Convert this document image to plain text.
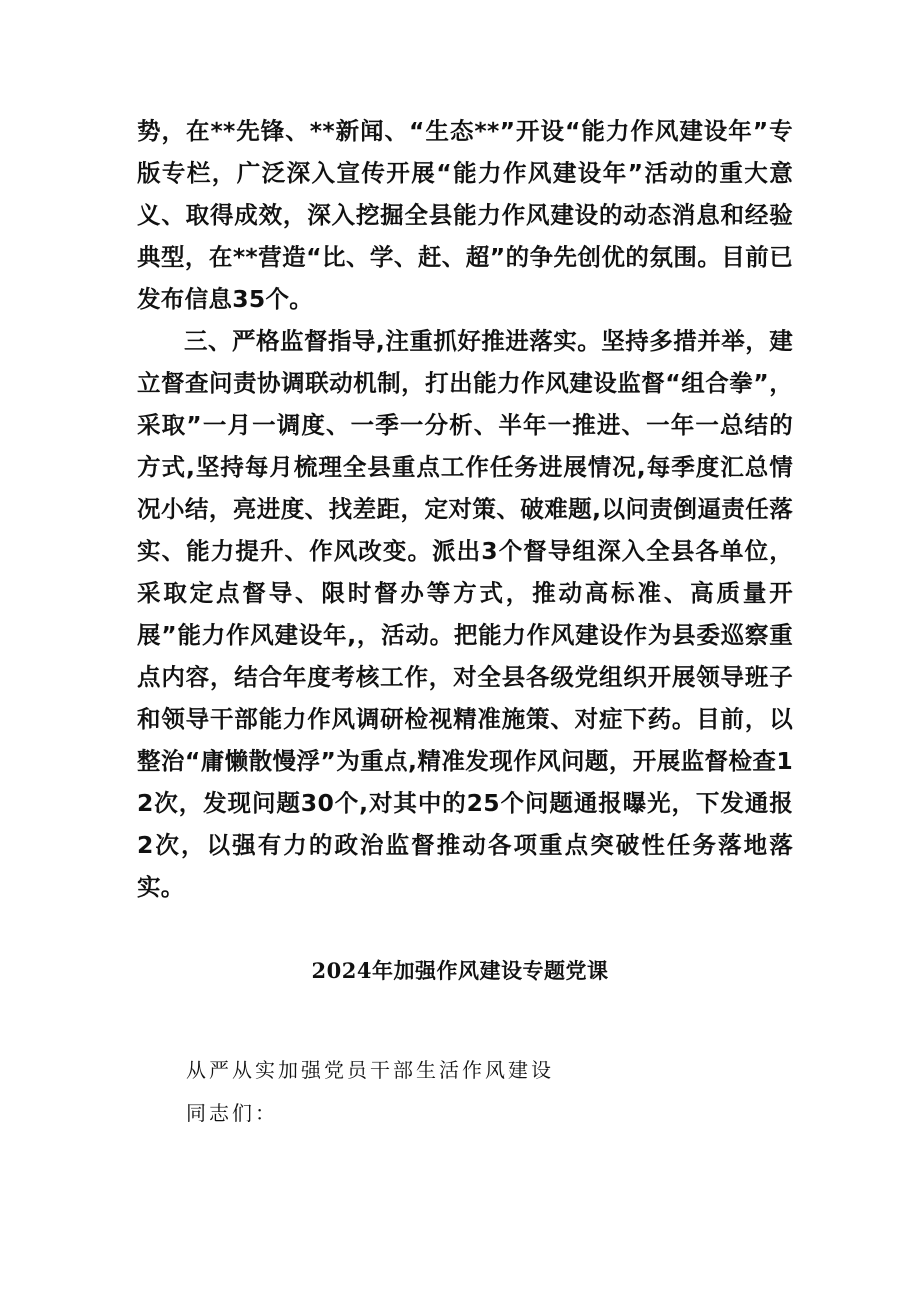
势，在**先锋、**新闻、“生态**”开设“能力作风建设年”专版专栏，广泛深入宣传开展“能力作风建设年”活动的重大意义、取得成效，深入挖掘全县能力作风建设的动态消息和经验典型，在**营造“比、学、赶、超”的争先创优的氛围。目前已发布信息35个。

三、严格监督指导,注重抓好推进落实。坚持多措并举，建立督查问责协调联动机制，打出能力作风建设监督“组合拳”，采取”一月一调度、一季一分析、半年一推进、一年一总结的方式,坚持每月梳理全县重点工作任务进展情况,每季度汇总情况小结，亮进度、找差距，定对策、破难题,以问责倒逼责任落实、能力提升、作风改变。派出3个督导组深入全县各单位，采取定点督导、限时督办等方式，推动高标准、高质量开展”能力作风建设年,，活动。把能力作风建设作为县委巡察重点内容，结合年度考核工作，对全县各级党组织开展领导班子和领导干部能力作风调研检视精准施策、对症下药。目前，以整治“庸懒散慢浮”为重点,精准发现作风问题，开展监督检查12次，发现问题30个,对其中的25个问题通报曝光，下发通报2次，以强有力的政治监督推动各项重点突破性任务落地落实。

2024年加强作风建设专题党课
从严从实加强党员干部生活作风建设
同志们：
